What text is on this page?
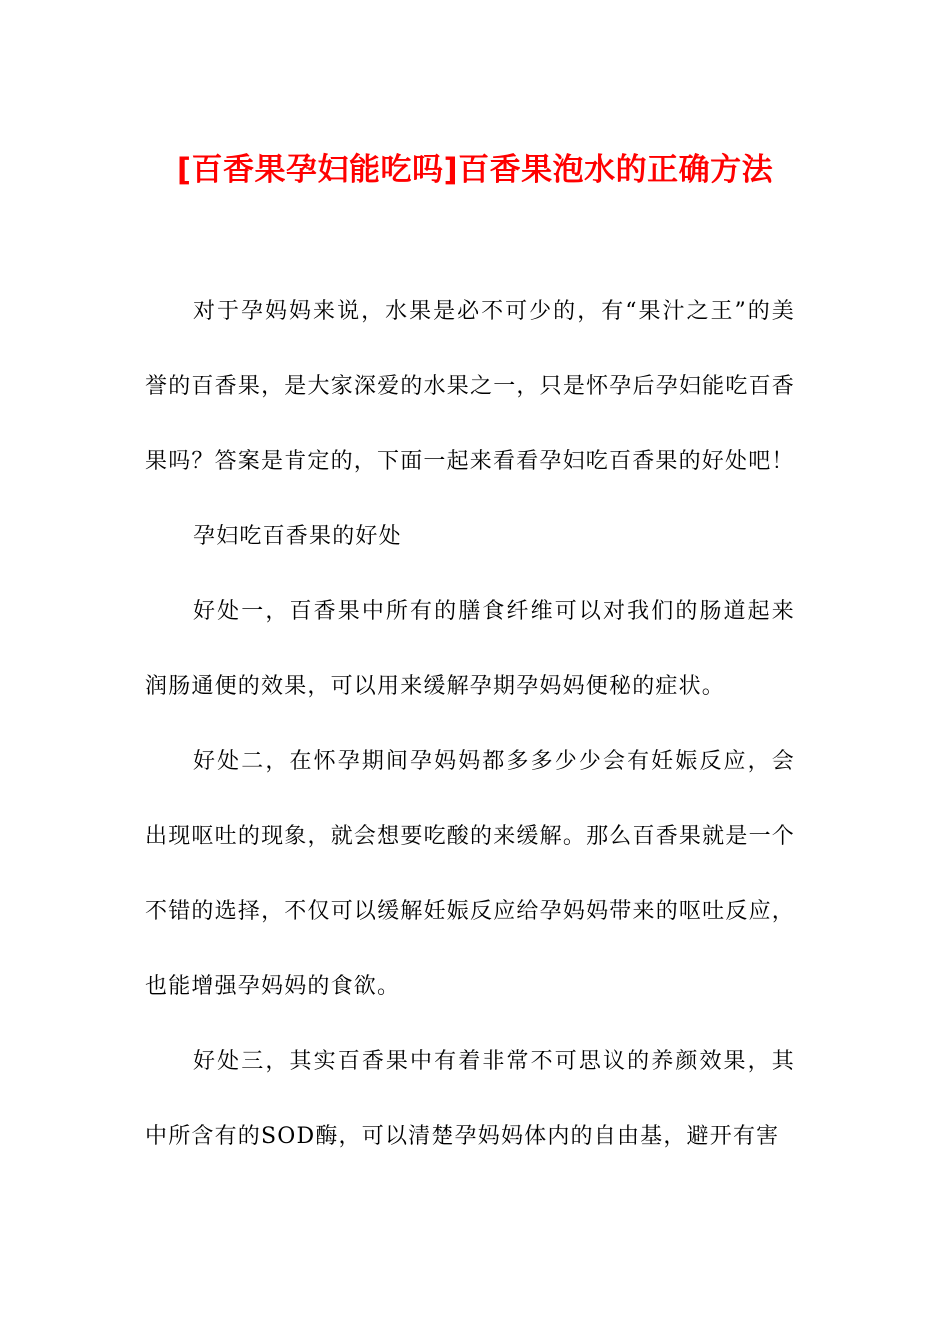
[百香果孕妇能吃吗]百香果泡水的正确方法

对于孕妈妈来说，水果是必不可少的，有“果汁之王”的美誉的百香果，是大家深爱的水果之一，只是怀孕后孕妇能吃百香果吗？答案是肯定的，下面一起来看看孕妇吃百香果的好处吧！

孕妇吃百香果的好处

好处一，百香果中所有的膳食纤维可以对我们的肠道起来润肠通便的效果，可以用来缓解孕期孕妈妈便秘的症状。

好处二，在怀孕期间孕妈妈都多多少少会有妊娠反应，会出现呕吐的现象，就会想要吃酸的来缓解。那么百香果就是一个不错的选择，不仅可以缓解妊娠反应给孕妈妈带来的呕吐反应，也能增强孕妈妈的食欲。

好处三，其实百香果中有着非常不可思议的养颜效果，其中所含有的SOD酶，可以清楚孕妈妈体内的自由基，避开有害
